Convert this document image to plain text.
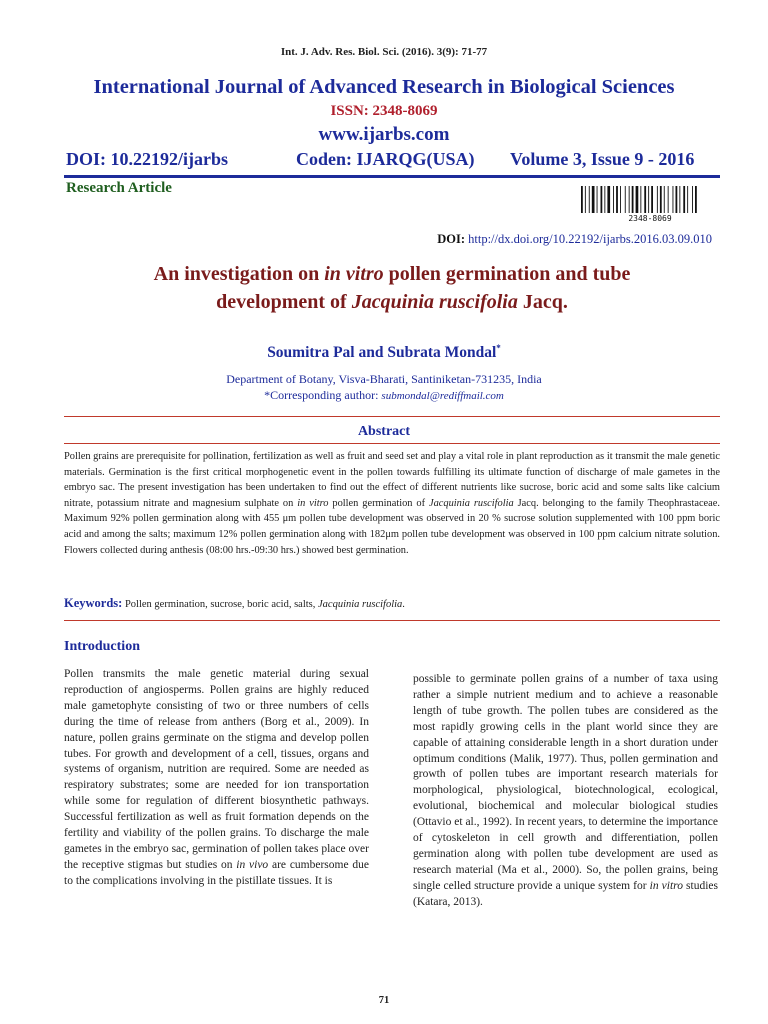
Int. J. Adv. Res. Biol. Sci. (2016). 3(9): 71-77
International Journal of Advanced Research in Biological Sciences
ISSN: 2348-8069
www.ijarbs.com
DOI: 10.22192/ijarbs	Coden: IJARQG(USA) Volume 3, Issue 9 - 2016
Research Article
2348-8069
DOI: http://dx.doi.org/10.22192/ijarbs.2016.03.09.010
An investigation on in vitro pollen germination and tube
development of Jacquinia ruscifolia Jacq.
Soumitra Pal and Subrata Mondal*
Department of Botany, Visva-Bharati, Santiniketan-731235, India
*Corresponding author: submondal@rediffmail.com
Abstract
Pollen grains are prerequisite for pollination, fertilization as well as fruit and seed set and play a vital role in plant reproduction as it transmit the male genetic materials. Germination is the first critical morphogenetic event in the pollen towards fulfilling its ultimate function of discharge of male gametes in the embryo sac. The present investigation has been undertaken to find out the effect of different nutrients like sucrose, boric acid and some salts like calcium nitrate, potassium nitrate and magnesium sulphate on in vitro pollen germination of Jacquinia ruscifolia Jacq. belonging to the family Theophrastaceae. Maximum 92% pollen germination along with 455 μm pollen tube development was observed in 20 % sucrose solution supplemented with 100 ppm boric acid and among the salts; maximum 12% pollen germination along with 182μm pollen tube development was observed in 100 ppm calcium nitrate solution. Flowers collected during anthesis (08:00 hrs.-09:30 hrs.) showed best germination.
Keywords: Pollen germination, sucrose, boric acid, salts, Jacquinia ruscifolia.
Introduction
Pollen transmits the male genetic material during sexual reproduction of angiosperms. Pollen grains are highly reduced male gametophyte consisting of two or three numbers of cells during the time of release from anthers (Borg et al., 2009). In nature, pollen grains germinate on the stigma and develop pollen tubes. For growth and development of a cell, tissues, organs and systems of organism, nutrition are required. Some are needed as respiratory substrates; some are needed for ion transportation while some for regulation of different biosynthetic pathways. Successful fertilization as well as fruit formation depends on the fertility and viability of the pollen grains. To discharge the male gametes in the embryo sac, germination of pollen takes place over the receptive stigmas but studies on in vivo are cumbersome due to the complications involving in the pistillate tissues. It is
possible to germinate pollen grains of a number of taxa using rather a simple nutrient medium and to achieve a reasonable length of tube growth. The pollen tubes are considered as the most rapidly growing cells in the plant world since they are capable of attaining considerable length in a short duration under optimum conditions (Malik, 1977). Thus, pollen germination and growth of pollen tubes are important research materials for morphological, physiological, biotechnological, ecological, evolutional, biochemical and molecular biological studies (Ottavio et al., 1992). In recent years, to determine the importance of cytoskeleton in cell growth and differentiation, pollen germination along with pollen tube development are used as research material (Ma et al., 2000). So, the pollen grains, being single celled structure provide a unique system for in vitro studies (Katara, 2013).
71
